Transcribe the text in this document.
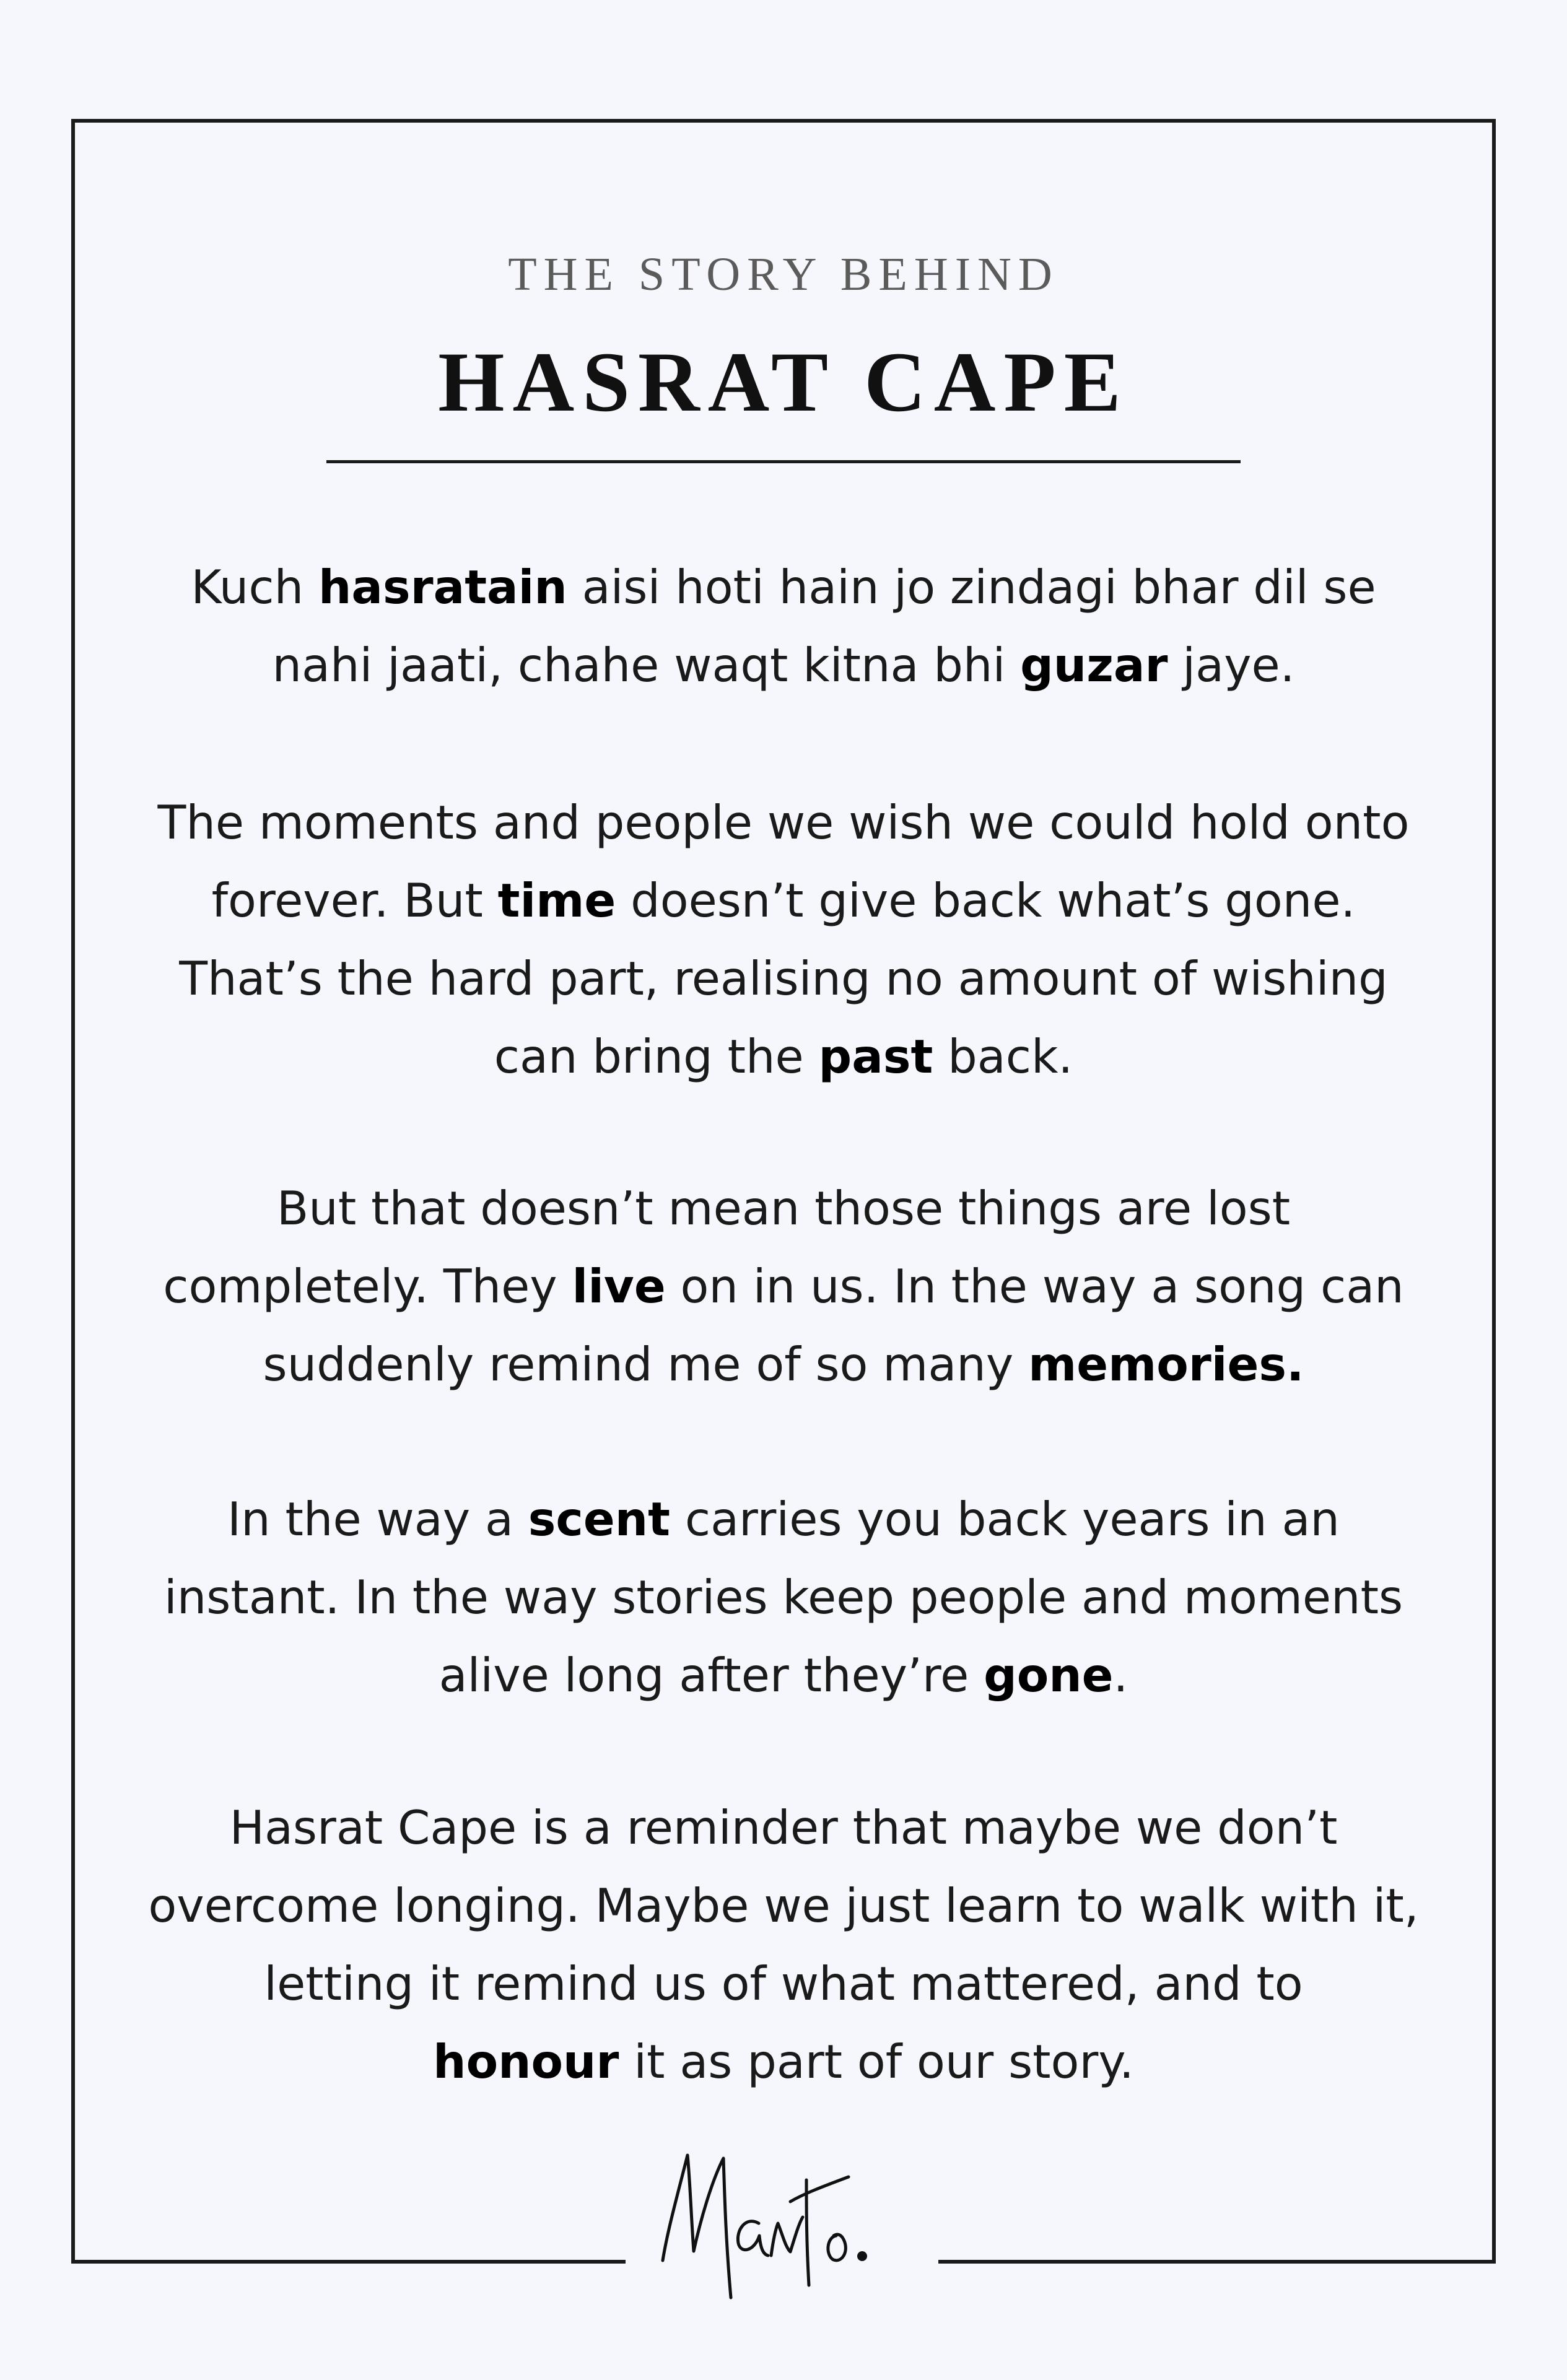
THE STORY BEHIND
HASRAT CAPE
Kuch hasratain aisi hoti hain jo zindagi bhar dil se
nahi jaati, chahe waqt kitna bhi guzar jaye.
The moments and people we wish we could hold onto
forever. But time doesn’t give back what’s gone.
That’s the hard part, realising no amount of wishing
can bring the past back.
But that doesn’t mean those things are lost
completely. They live on in us. In the way a song can
suddenly remind me of so many memories.
In the way a scent carries you back years in an
instant. In the way stories keep people and moments
alive long after they’re gone.
Hasrat Cape is a reminder that maybe we don’t
overcome longing. Maybe we just learn to walk with it,
letting it remind us of what mattered, and to
honour it as part of our story.
